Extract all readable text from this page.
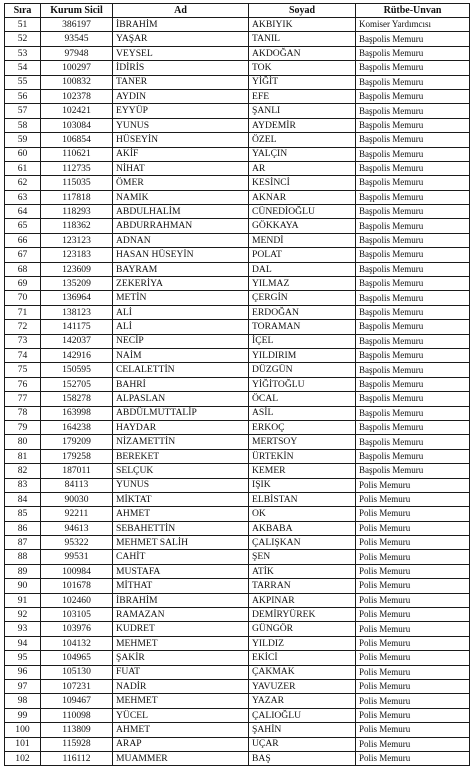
Sıra	Kurum Sicil	Ad	Soyad	Rütbe-Unvan
51	386197	İBRAHİM	AKBIYIK	Komiser Yardımcısı
52	93545	YAŞAR	TANIL	Başpolis Memuru
53	97948	VEYSEL	AKDOĞAN	Başpolis Memuru
54	100297	İDİRİS	TOK	Başpolis Memuru
55	100832	TANER	YİĞİT	Başpolis Memuru
56	102378	AYDIN	EFE	Başpolis Memuru
57	102421	EYYÜP	ŞANLI	Başpolis Memuru
58	103084	YUNUS	AYDEMİR	Başpolis Memuru
59	106854	HÜSEYİN	ÖZEL	Başpolis Memuru
60	110621	AKİF	YALÇIN	Başpolis Memuru
61	112735	NİHAT	AR	Başpolis Memuru
62	115035	ÖMER	KESİNCİ	Başpolis Memuru
63	117818	NAMIK	AKNAR	Başpolis Memuru
64	118293	ABDULHALİM	CÜNEDİOĞLU	Başpolis Memuru
65	118362	ABDURRAHMAN	GÖKKAYA	Başpolis Memuru
66	123123	ADNAN	MENDİ	Başpolis Memuru
67	123183	HASAN HÜSEYİN	POLAT	Başpolis Memuru
68	123609	BAYRAM	DAL	Başpolis Memuru
69	135209	ZEKERİYA	YILMAZ	Başpolis Memuru
70	136964	METİN	ÇERGİN	Başpolis Memuru
71	138123	ALİ	ERDOĞAN	Başpolis Memuru
72	141175	ALİ	TORAMAN	Başpolis Memuru
73	142037	NECİP	İÇEL	Başpolis Memuru
74	142916	NAİM	YILDIRIM	Başpolis Memuru
75	150595	CELALETTİN	DÜZGÜN	Başpolis Memuru
76	152705	BAHRİ	YİĞİTOĞLU	Başpolis Memuru
77	158278	ALPASLAN	ÖCAL	Başpolis Memuru
78	163998	ABDÜLMUTTALİP	ASİL	Başpolis Memuru
79	164238	HAYDAR	ERKOÇ	Başpolis Memuru
80	179209	NİZAMETTİN	MERTSOY	Başpolis Memuru
81	179258	BEREKET	ÜRTEKİN	Başpolis Memuru
82	187011	SELÇUK	KEMER	Başpolis Memuru
83	84113	YUNUS	IŞIK	Polis Memuru
84	90030	MİKTAT	ELBİSTAN	Polis Memuru
85	92211	AHMET	OK	Polis Memuru
86	94613	SEBAHETTİN	AKBABA	Polis Memuru
87	95322	MEHMET SALİH	ÇALIŞKAN	Polis Memuru
88	99531	CAHİT	ŞEN	Polis Memuru
89	100984	MUSTAFA	ATİK	Polis Memuru
90	101678	MİTHAT	TARRAN	Polis Memuru
91	102460	İBRAHİM	AKPINAR	Polis Memuru
92	103105	RAMAZAN	DEMİRYÜREK	Polis Memuru
93	103976	KUDRET	GÜNGÖR	Polis Memuru
94	104132	MEHMET	YILDIZ	Polis Memuru
95	104965	ŞAKİR	EKİCİ	Polis Memuru
96	105130	FUAT	ÇAKMAK	Polis Memuru
97	107231	NADİR	YAVUZER	Polis Memuru
98	109467	MEHMET	YAZAR	Polis Memuru
99	110098	YÜCEL	ÇALIOĞLU	Polis Memuru
100	113809	AHMET	ŞAHİN	Polis Memuru
101	115928	ARAP	UÇAR	Polis Memuru
102	116112	MUAMMER	BAŞ	Polis Memuru
